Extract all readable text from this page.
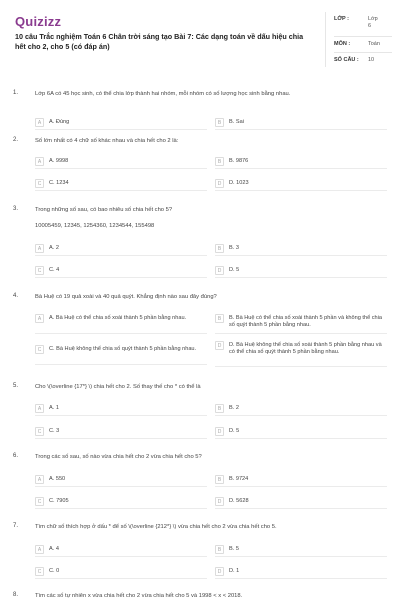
Quizizz
10 câu Trắc nghiệm Toán 6 Chân trời sáng tạo Bài 7: Các dạng toán về dấu hiệu chia hết cho 2, cho 5 (có đáp án)
LỚP :	Lớp 6
MÔN :	Toán
SỐ CÂU : 10
1.	Lớp 6A có 45 học sinh, có thể chia lớp thành hai nhóm, mỗi nhóm có số lượng học sinh bằng nhau.
A	A. Đúng	B	B. Sai
2.	Số lớn nhất có 4 chữ số khác nhau và chia hết cho 2 là:
A	A. 9998	B	B. 9876
C	C. 1234	D	D. 1023
3.	Trong những số sau, có bao nhiêu số chia hết cho 5?
10005459, 12345, 1254360, 1234544, 155498
A	A. 2	B	B. 3
C	C. 4	D	D. 5
4.	Bà Huệ có 19 quả xoài và 40 quả quýt. Khẳng định nào sau đây đúng?
A	A. Bà Huệ có thể chia số xoài thành 5 phần bằng nhau.	B	B. Bà Huệ có thể chia số xoài thành 5 phần và không thể chia số quýt thành 5 phần bằng nhau.
C	C. Bà Huệ không thể chia số quýt thành 5 phần bằng nhau.	D	D. Bà Huệ không thể chia số xoài thành 5 phần bằng nhau và có thể chia số quýt thành 5 phần bằng nhau.
5.	Cho \(\overline {17*} \) chia hết cho 2. Số thay thế cho * có thể là
A	A. 1	B	B. 2
C	C. 3	D	D. 5
6.	Trong các số sau, số nào vừa chia hết cho 2 vừa chia hết cho 5?
A	A. 550	B	B. 9724
C	C. 7905	D	D. 5628
7.	Tìm chữ số thích hợp ở dấu * để số \(\overline {212*} \) vừa chia hết cho 2 vừa chia hết cho 5.
A	A. 4	B	B. 5
C	C. 0	D	D. 1
8.	Tìm các số tự nhiên x vừa chia hết cho 2 vừa chia hết cho 5 và 1998 < x < 2018.
